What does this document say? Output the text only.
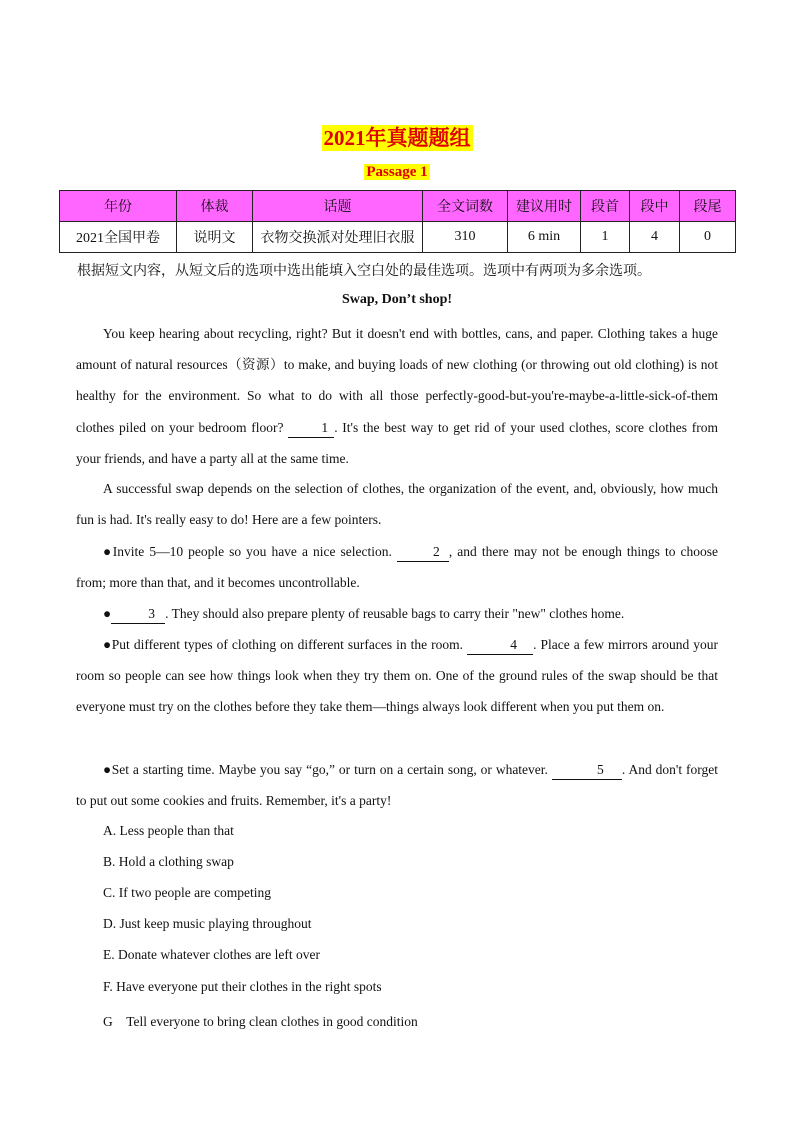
2021年真题题组
Passage 1
年份	体裁	话题	全文词数	建议用时	段首	段中	段尾
2021全国甲卷	说明文	衣物交换派对处理旧衣服	310	6 min	1	4	0
根据短文内容，从短文后的选项中选出能填入空白处的最佳选项。选项中有两项为多余选项。
Swap, Don’t shop!
You keep hearing about recycling, right? But it doesn't end with bottles, cans, and paper. Clothing takes a huge amount of natural resources（资源）to make, and buying loads of new clothing (or throwing out old clothing) is not healthy for the environment. So what to do with all those perfectly-good-but-you're-maybe-a-little-sick-of-them clothes piled on your bedroom floor? 1 . It's the best way to get rid of your used clothes, score clothes from your friends, and have a party all at the same time.
A successful swap depends on the selection of clothes, the organization of the event, and, obviously, how much fun is had. It's really easy to do! Here are a few pointers.
●Invite 5—10 people so you have a nice selection.	2 , and there may not be enough things to choose from; more than that, and it becomes uncontrollable.
●	3 . They should also prepare plenty of reusable bags to carry their "new" clothes home.
●Put different types of clothing on different surfaces in the room.	4 . Place a few mirrors around your room so people can see how things look when they try them on. One of the ground rules of the swap should be that everyone must try on the clothes before they take them—things always look different when you put them on.
●Set a starting time. Maybe you say “go,” or turn on a certain song, or whatever.	5 . And don't forget to put out some cookies and fruits. Remember, it's a party!
A. Less people than that
B. Hold a clothing swap
C. If two people are competing
D. Just keep music playing throughout
E. Donate whatever clothes are left over
F. Have everyone put their clothes in the right spots
G　Tell everyone to bring clean clothes in good condition
